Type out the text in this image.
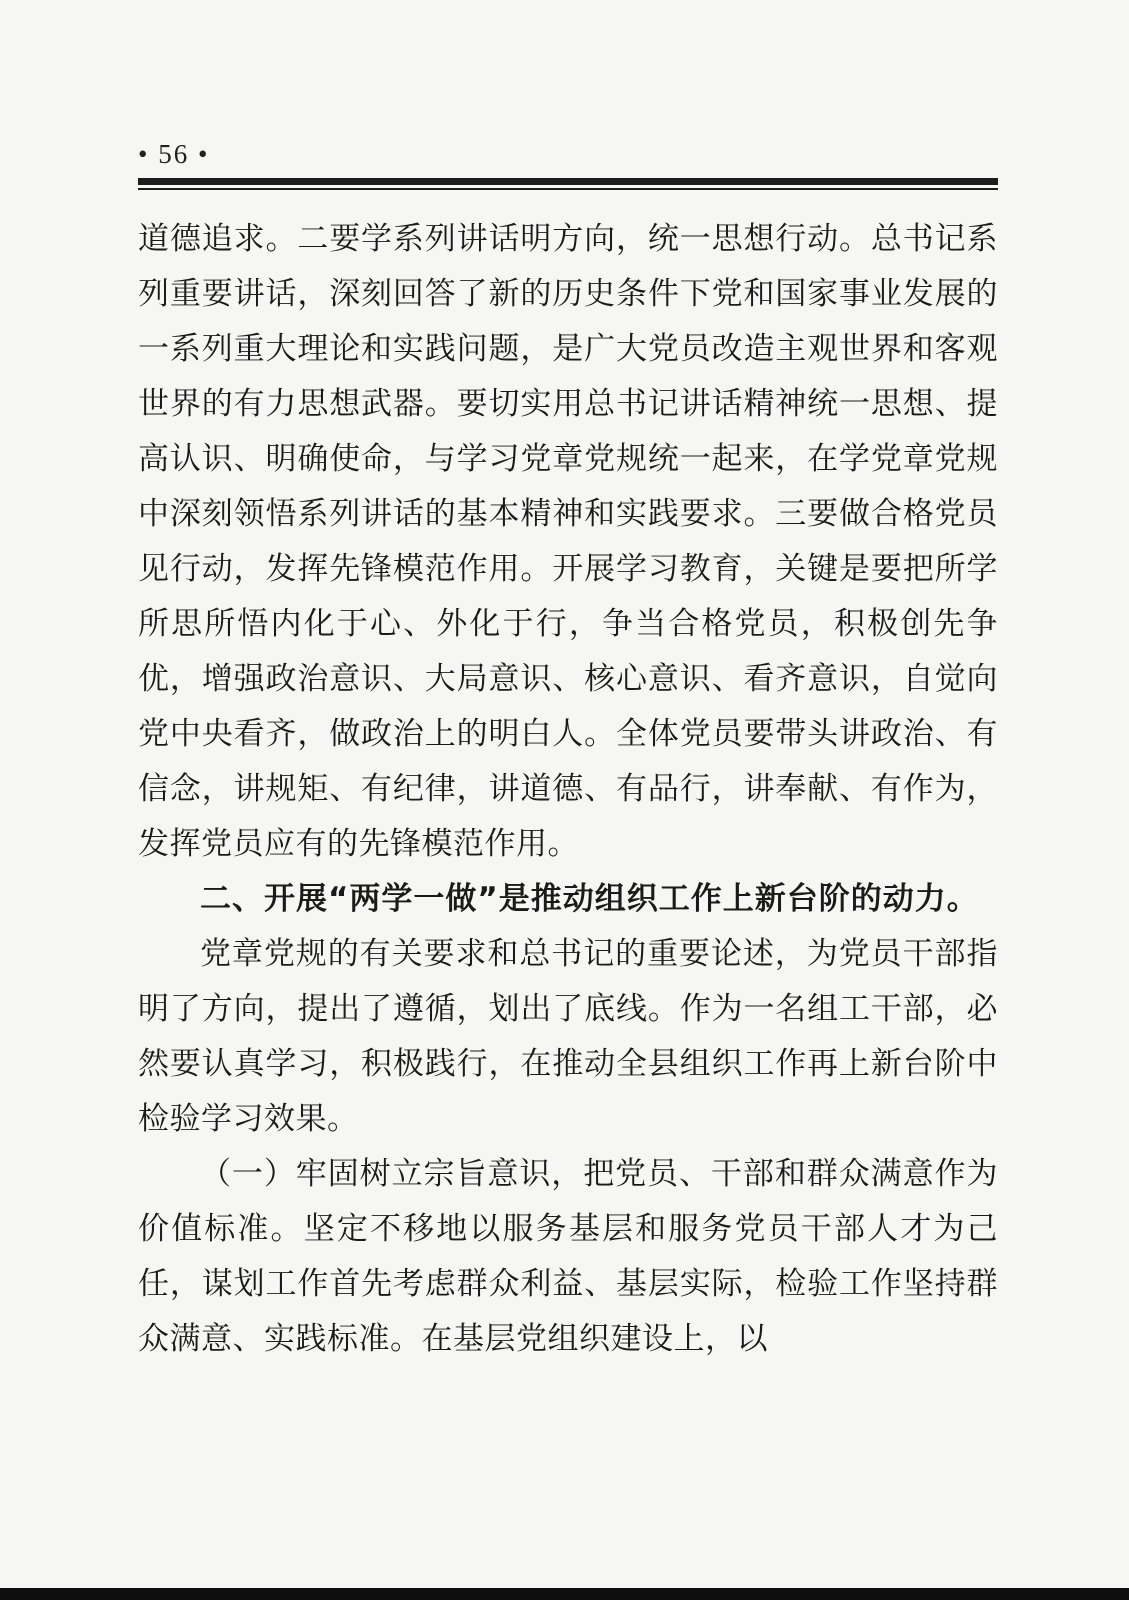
• 56 •

道德追求。二要学系列讲话明方向，统一思想行动。总书记系列重要讲话，深刻回答了新的历史条件下党和国家事业发展的一系列重大理论和实践问题，是广大党员改造主观世界和客观世界的有力思想武器。要切实用总书记讲话精神统一思想、提高认识、明确使命，与学习党章党规统一起来，在学党章党规中深刻领悟系列讲话的基本精神和实践要求。三要做合格党员见行动，发挥先锋模范作用。开展学习教育，关键是要把所学所思所悟内化于心、外化于行，争当合格党员，积极创先争优，增强政治意识、大局意识、核心意识、看齐意识，自觉向党中央看齐，做政治上的明白人。全体党员要带头讲政治、有信念，讲规矩、有纪律，讲道德、有品行，讲奉献、有作为，发挥党员应有的先锋模范作用。

二、开展“两学一做”是推动组织工作上新台阶的动力。

党章党规的有关要求和总书记的重要论述，为党员干部指明了方向，提出了遵循，划出了底线。作为一名组工干部，必然要认真学习，积极践行，在推动全县组织工作再上新台阶中检验学习效果。

（一）牢固树立宗旨意识，把党员、干部和群众满意作为价值标准。坚定不移地以服务基层和服务党员干部人才为己任，谋划工作首先考虑群众利益、基层实际，检验工作坚持群众满意、实践标准。在基层党组织建设上，以
